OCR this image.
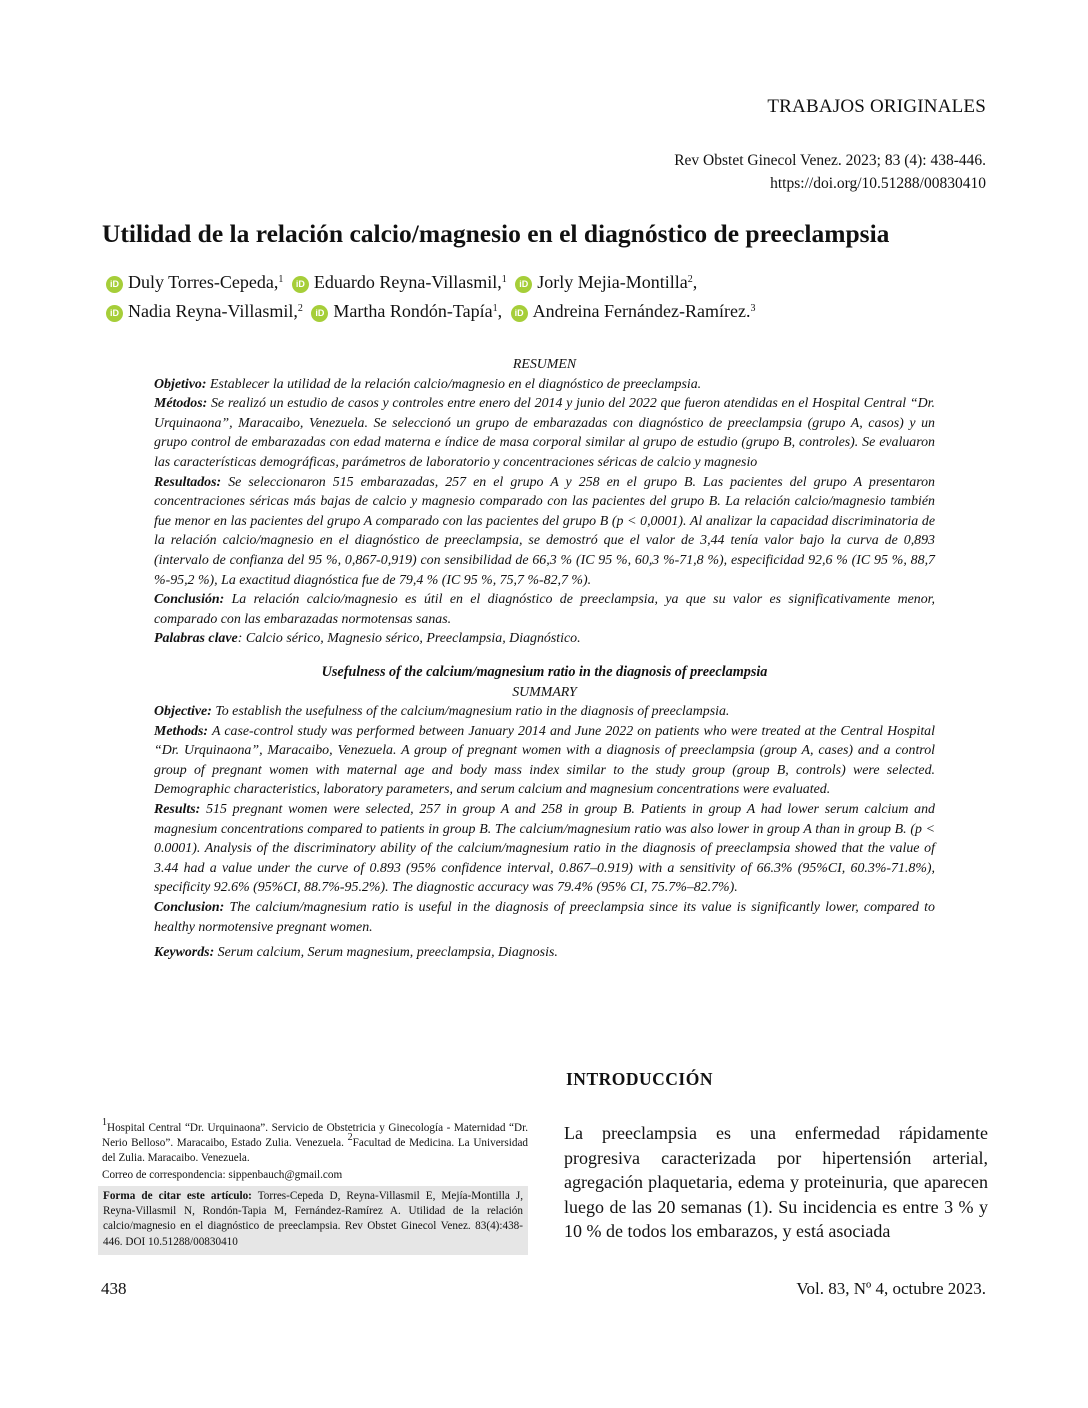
TRABAJOS ORIGINALES
Rev Obstet Ginecol Venez. 2023; 83 (4): 438-446.
https://doi.org/10.51288/00830410
Utilidad de la relación calcio/magnesio en el diagnóstico de preeclampsia
iD Duly Torres-Cepeda,$^1$ iD Eduardo Reyna-Villasmil,$^1$ iD Jorly Mejia-Montilla$^2$,
iD Nadia Reyna-Villasmil,$^2$ iD Martha Rondón-Tapía$^1$, iD Andreina Fernández-Ramírez.$^3$

RESUMEN

Objetivo: Establecer la utilidad de la relación calcio/magnesio en el diagnóstico de preeclampsia.

Métodos: Se realizó un estudio de casos y controles entre enero del 2014 y junio del 2022 que fueron atendidas en el Hospital Central “Dr. Urquinaona”, Maracaibo, Venezuela. Se seleccionó un grupo de embarazadas con diagnóstico de preeclampsia (grupo A, casos) y un grupo control de embarazadas con edad materna e índice de masa corporal similar al grupo de estudio (grupo B, controles). Se evaluaron las características demográficas, parámetros de laboratorio y concentraciones séricas de calcio y magnesio

Resultados: Se seleccionaron 515 embarazadas, 257 en el grupo A y 258 en el grupo B. Las pacientes del grupo A presentaron concentraciones séricas más bajas de calcio y magnesio comparado con las pacientes del grupo B. La relación calcio/magnesio también fue menor en las pacientes del grupo A comparado con las pacientes del grupo B (p < 0,0001). Al analizar la capacidad discriminatoria de la relación calcio/magnesio en el diagnóstico de preeclampsia, se demostró que el valor de 3,44 tenía valor bajo la curva de 0,893 (intervalo de confianza del 95 %, 0,867-0,919) con sensibilidad de 66,3 % (IC 95 %, 60,3 %-71,8 %), especificidad 92,6 % (IC 95 %, 88,7 %-95,2 %), La exactitud diagnóstica fue de 79,4 % (IC 95 %, 75,7 %-82,7 %).

Conclusión: La relación calcio/magnesio es útil en el diagnóstico de preeclampsia, ya que su valor es significativamente menor, comparado con las embarazadas normotensas sanas.

Palabras clave: Calcio sérico, Magnesio sérico, Preeclampsia, Diagnóstico.

Usefulness of the calcium/magnesium ratio in the diagnosis of preeclampsia

SUMMARY

Objective: To establish the usefulness of the calcium/magnesium ratio in the diagnosis of preeclampsia.

Methods: A case-control study was performed between January 2014 and June 2022 on patients who were treated at the Central Hospital “Dr. Urquinaona”, Maracaibo, Venezuela. A group of pregnant women with a diagnosis of preeclampsia (group A, cases) and a control group of pregnant women with maternal age and body mass index similar to the study group (group B, controls) were selected. Demographic characteristics, laboratory parameters, and serum calcium and magnesium concentrations were evaluated.

Results: 515 pregnant women were selected, 257 in group A and 258 in group B. Patients in group A had lower serum calcium and magnesium concentrations compared to patients in group B. The calcium/magnesium ratio was also lower in group A than in group B. (p < 0.0001). Analysis of the discriminatory ability of the calcium/magnesium ratio in the diagnosis of preeclampsia showed that the value of 3.44 had a value under the curve of 0.893 (95% confidence interval, 0.867–0.919) with a sensitivity of 66.3% (95%CI, 60.3%-71.8%), specificity 92.6% (95%CI, 88.7%-95.2%). The diagnostic accuracy was 79.4% (95% CI, 75.7%–82.7%).

Conclusion: The calcium/magnesium ratio is useful in the diagnosis of preeclampsia since its value is significantly lower, compared to healthy normotensive pregnant women.

Keywords: Serum calcium, Serum magnesium, preeclampsia, Diagnosis.

INTRODUCCIÓN

La preeclampsia es una enfermedad rápidamente progresiva caracterizada por hipertensión arterial, agregación plaquetaria, edema y proteinuria, que aparecen luego de las 20 semanas (1). Su incidencia es entre 3 % y 10 % de todos los embarazos, y está asociada

$^1$Hospital Central “Dr. Urquinaona”. Servicio de Obstetricia y Ginecología - Maternidad “Dr. Nerio Belloso”. Maracaibo, Estado Zulia. Venezuela. $^2$Facultad de Medicina. La Universidad del Zulia. Maracaibo. Venezuela.

Correo de correspondencia: sippenbauch@gmail.com

Forma de citar este artículo: Torres-Cepeda D, Reyna-Villasmil E, Mejía-Montilla J, Reyna-Villasmil N, Rondón-Tapia M, Fernández-Ramírez A. Utilidad de la relación calcio/magnesio en el diagnóstico de preeclampsia. Rev Obstet Ginecol Venez. 83(4):438-446. DOI 10.51288/00830410
438	Vol. 83, Nº 4, octubre 2023.
